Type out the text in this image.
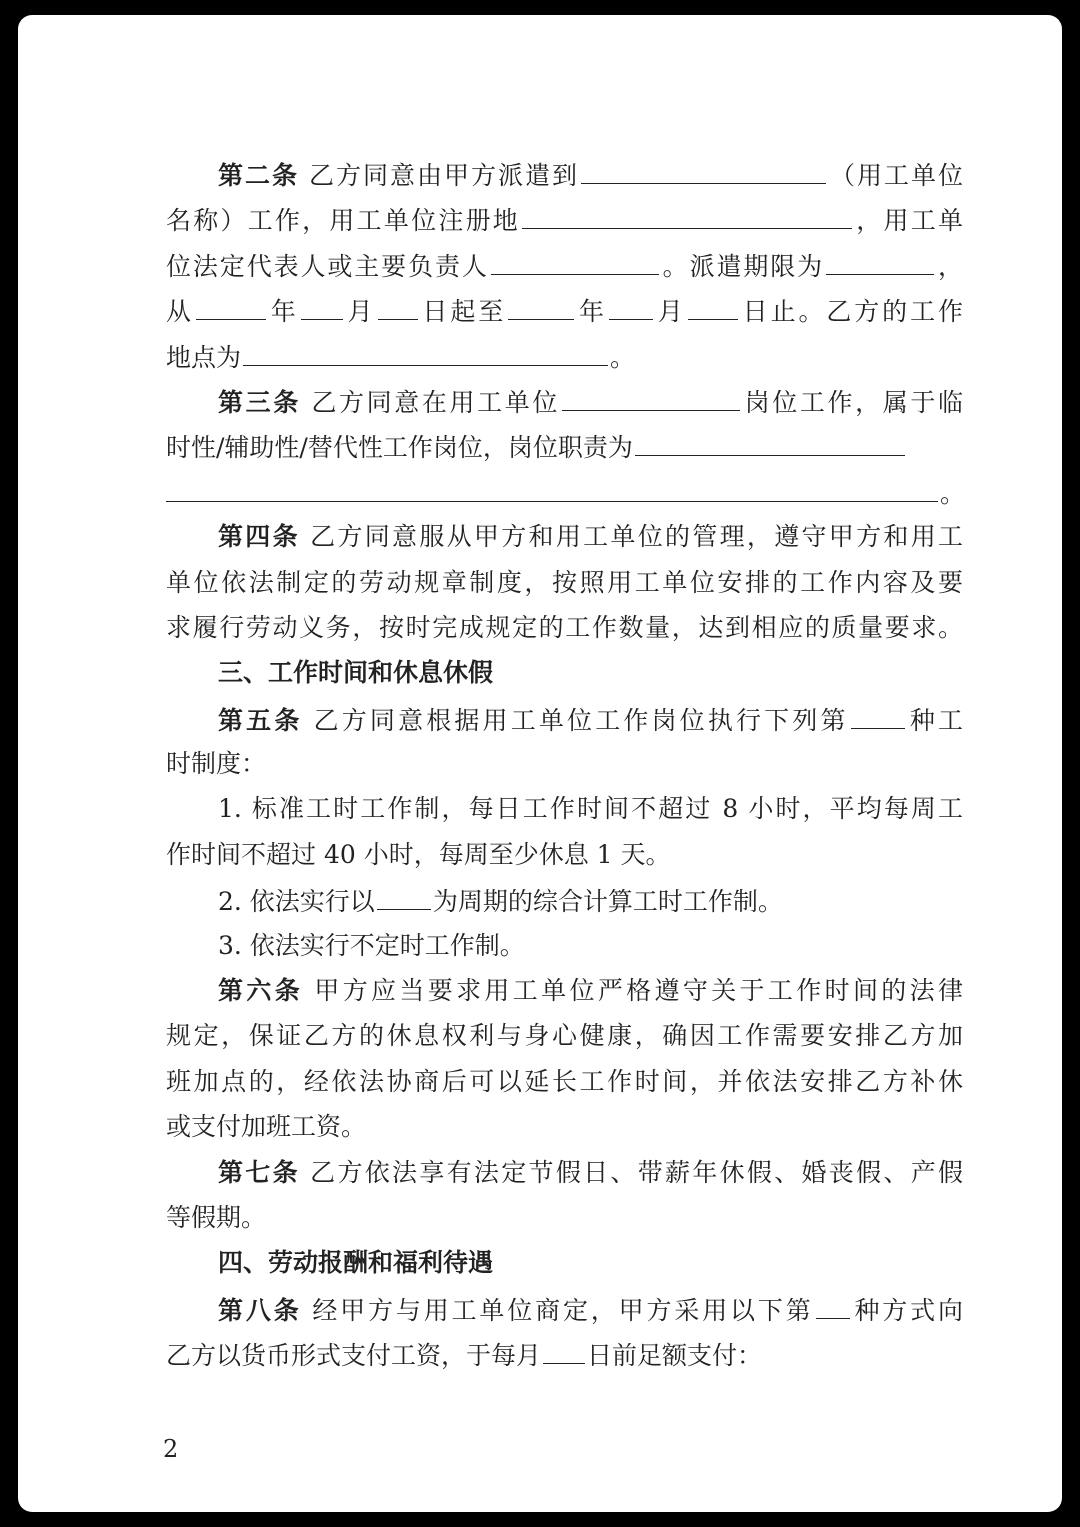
第二条 乙方同意由甲方派遣到	（用工单位
名称）工作，用工单位注册地	，用工单
位法定代表人或主要负责人	。派遣期限为	，
从	年 月 日起至	年 月 日止。乙方的工作
地点为	。
第三条 乙方同意在用工单位	岗位工作，属于临
时性/辅助性/替代性工作岗位，岗位职责为
。
第四条 乙方同意服从甲方和用工单位的管理，遵守甲方和用工
单位依法制定的劳动规章制度，按照用工单位安排的工作内容及要
求履行劳动义务，按时完成规定的工作数量，达到相应的质量要求。
三、工作时间和休息休假
第五条 乙方同意根据用工单位工作岗位执行下列第 种工
时制度：
1. 标准工时工作制，每日工作时间不超过 8 小时，平均每周工
作时间不超过 40 小时，每周至少休息 1 天。
2. 依法实行以 为周期的综合计算工时工作制。
3. 依法实行不定时工作制。
第六条 甲方应当要求用工单位严格遵守关于工作时间的法律
规定，保证乙方的休息权利与身心健康，确因工作需要安排乙方加
班加点的，经依法协商后可以延长工作时间，并依法安排乙方补休
或支付加班工资。
第七条 乙方依法享有法定节假日、带薪年休假、婚丧假、产假
等假期。
四、劳动报酬和福利待遇
第八条 经甲方与用工单位商定，甲方采用以下第 种方式向
乙方以货币形式支付工资，于每月 日前足额支付：
2
